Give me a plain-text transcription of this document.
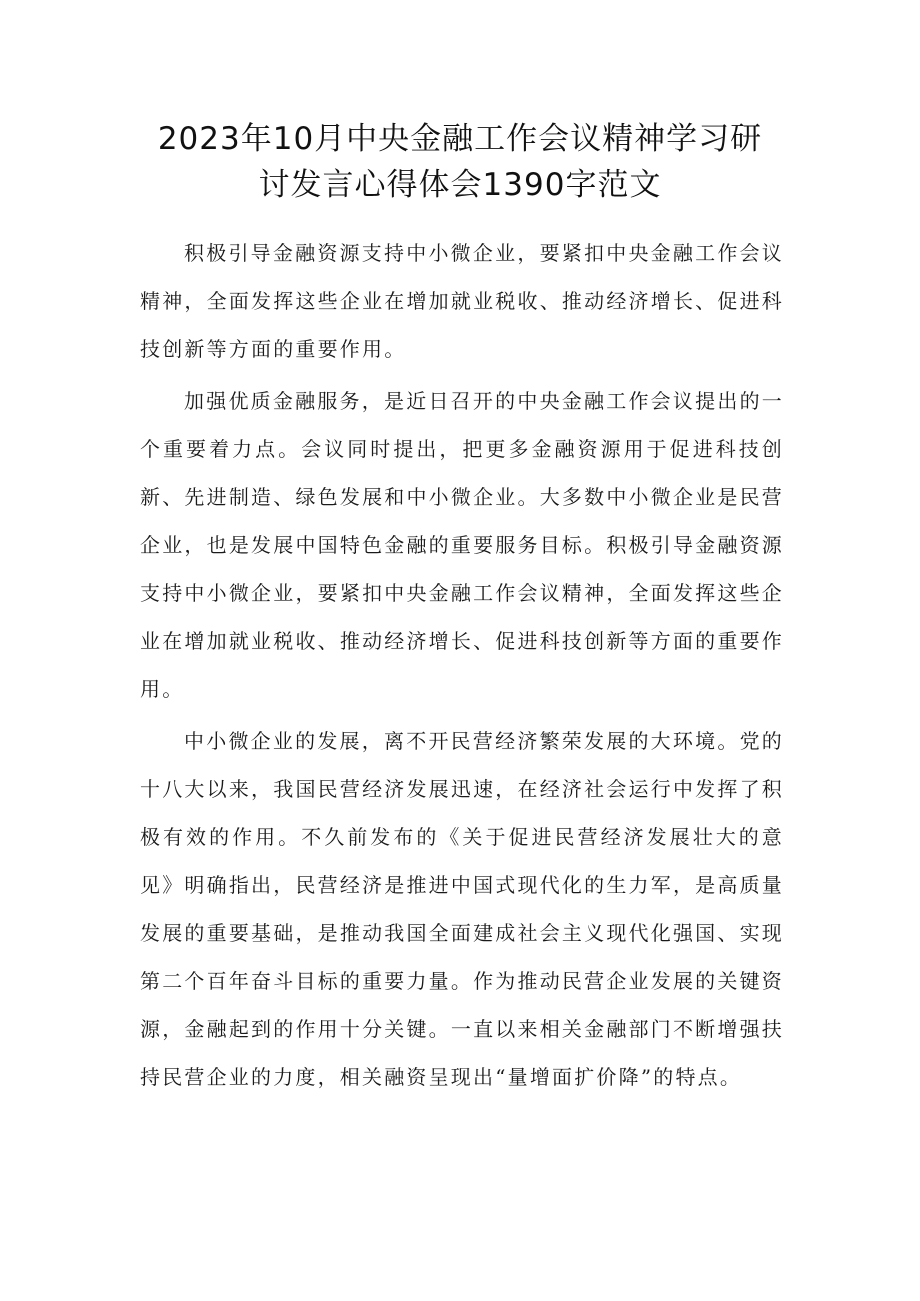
2023年10月中央金融工作会议精神学习研
讨发言心得体会1390字范文

积极引导金融资源支持中小微企业，要紧扣中央金融工作会议精神，全面发挥这些企业在增加就业税收、推动经济增长、促进科技创新等方面的重要作用。

加强优质金融服务，是近日召开的中央金融工作会议提出的一个重要着力点。会议同时提出，把更多金融资源用于促进科技创新、先进制造、绿色发展和中小微企业。大多数中小微企业是民营企业，也是发展中国特色金融的重要服务目标。积极引导金融资源支持中小微企业，要紧扣中央金融工作会议精神，全面发挥这些企业在增加就业税收、推动经济增长、促进科技创新等方面的重要作用。

中小微企业的发展，离不开民营经济繁荣发展的大环境。党的十八大以来，我国民营经济发展迅速，在经济社会运行中发挥了积极有效的作用。不久前发布的《关于促进民营经济发展壮大的意见》明确指出，民营经济是推进中国式现代化的生力军，是高质量发展的重要基础，是推动我国全面建成社会主义现代化强国、实现第二个百年奋斗目标的重要力量。作为推动民营企业发展的关键资源，金融起到的作用十分关键。一直以来相关金融部门不断增强扶持民营企业的力度，相关融资呈现出“量增面扩价降”的特点。
